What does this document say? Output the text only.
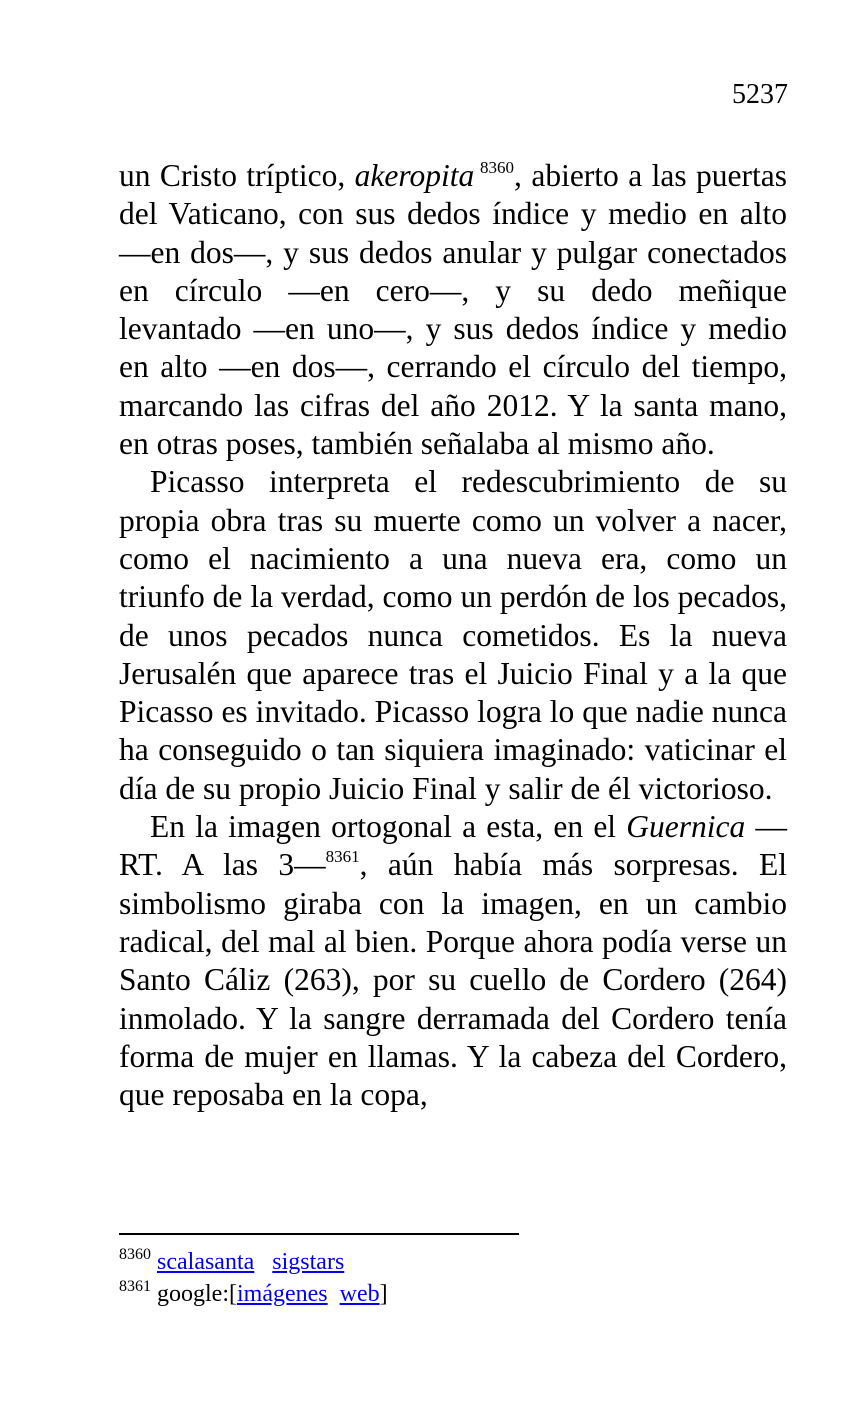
5237

un Cristo tríptico, akeropita $^{8360}$, abierto a las puertas del Vaticano, con sus dedos índice y medio en alto —en dos—, y sus dedos anular y pulgar conectados en círculo —en cero—, y su dedo meñique levantado —en uno—, y sus dedos índice y medio en alto —en dos—, cerrando el círculo del tiempo, marcando las cifras del año 2012. Y la santa mano, en otras poses, también señalaba al mismo año.

Picasso interpreta el redescubrimiento de su propia obra tras su muerte como un volver a nacer, como el nacimiento a una nueva era, como un triunfo de la verdad, como un perdón de los pecados, de unos pecados nunca cometidos. Es la nueva Jerusalén que aparece tras el Juicio Final y a la que Picasso es invitado. Picasso logra lo que nadie nunca ha conseguido o tan siquiera imaginado: vaticinar el día de su propio Juicio Final y salir de él victorioso.

En la imagen ortogonal a esta, en el Guernica —RT. A las 3—$^{8361}$, aún había más sorpresas. El simbolismo giraba con la imagen, en un cambio radical, del mal al bien. Porque ahora podía verse un Santo Cáliz (263), por su cuello de Cordero (264) inmolado. Y la sangre derramada del Cordero tenía forma de mujer en llamas. Y la cabeza del Cordero, que reposaba en la copa,

$^{8360}$ scalasanta sigstars
$^{8361}$ google:[imágenes web]
